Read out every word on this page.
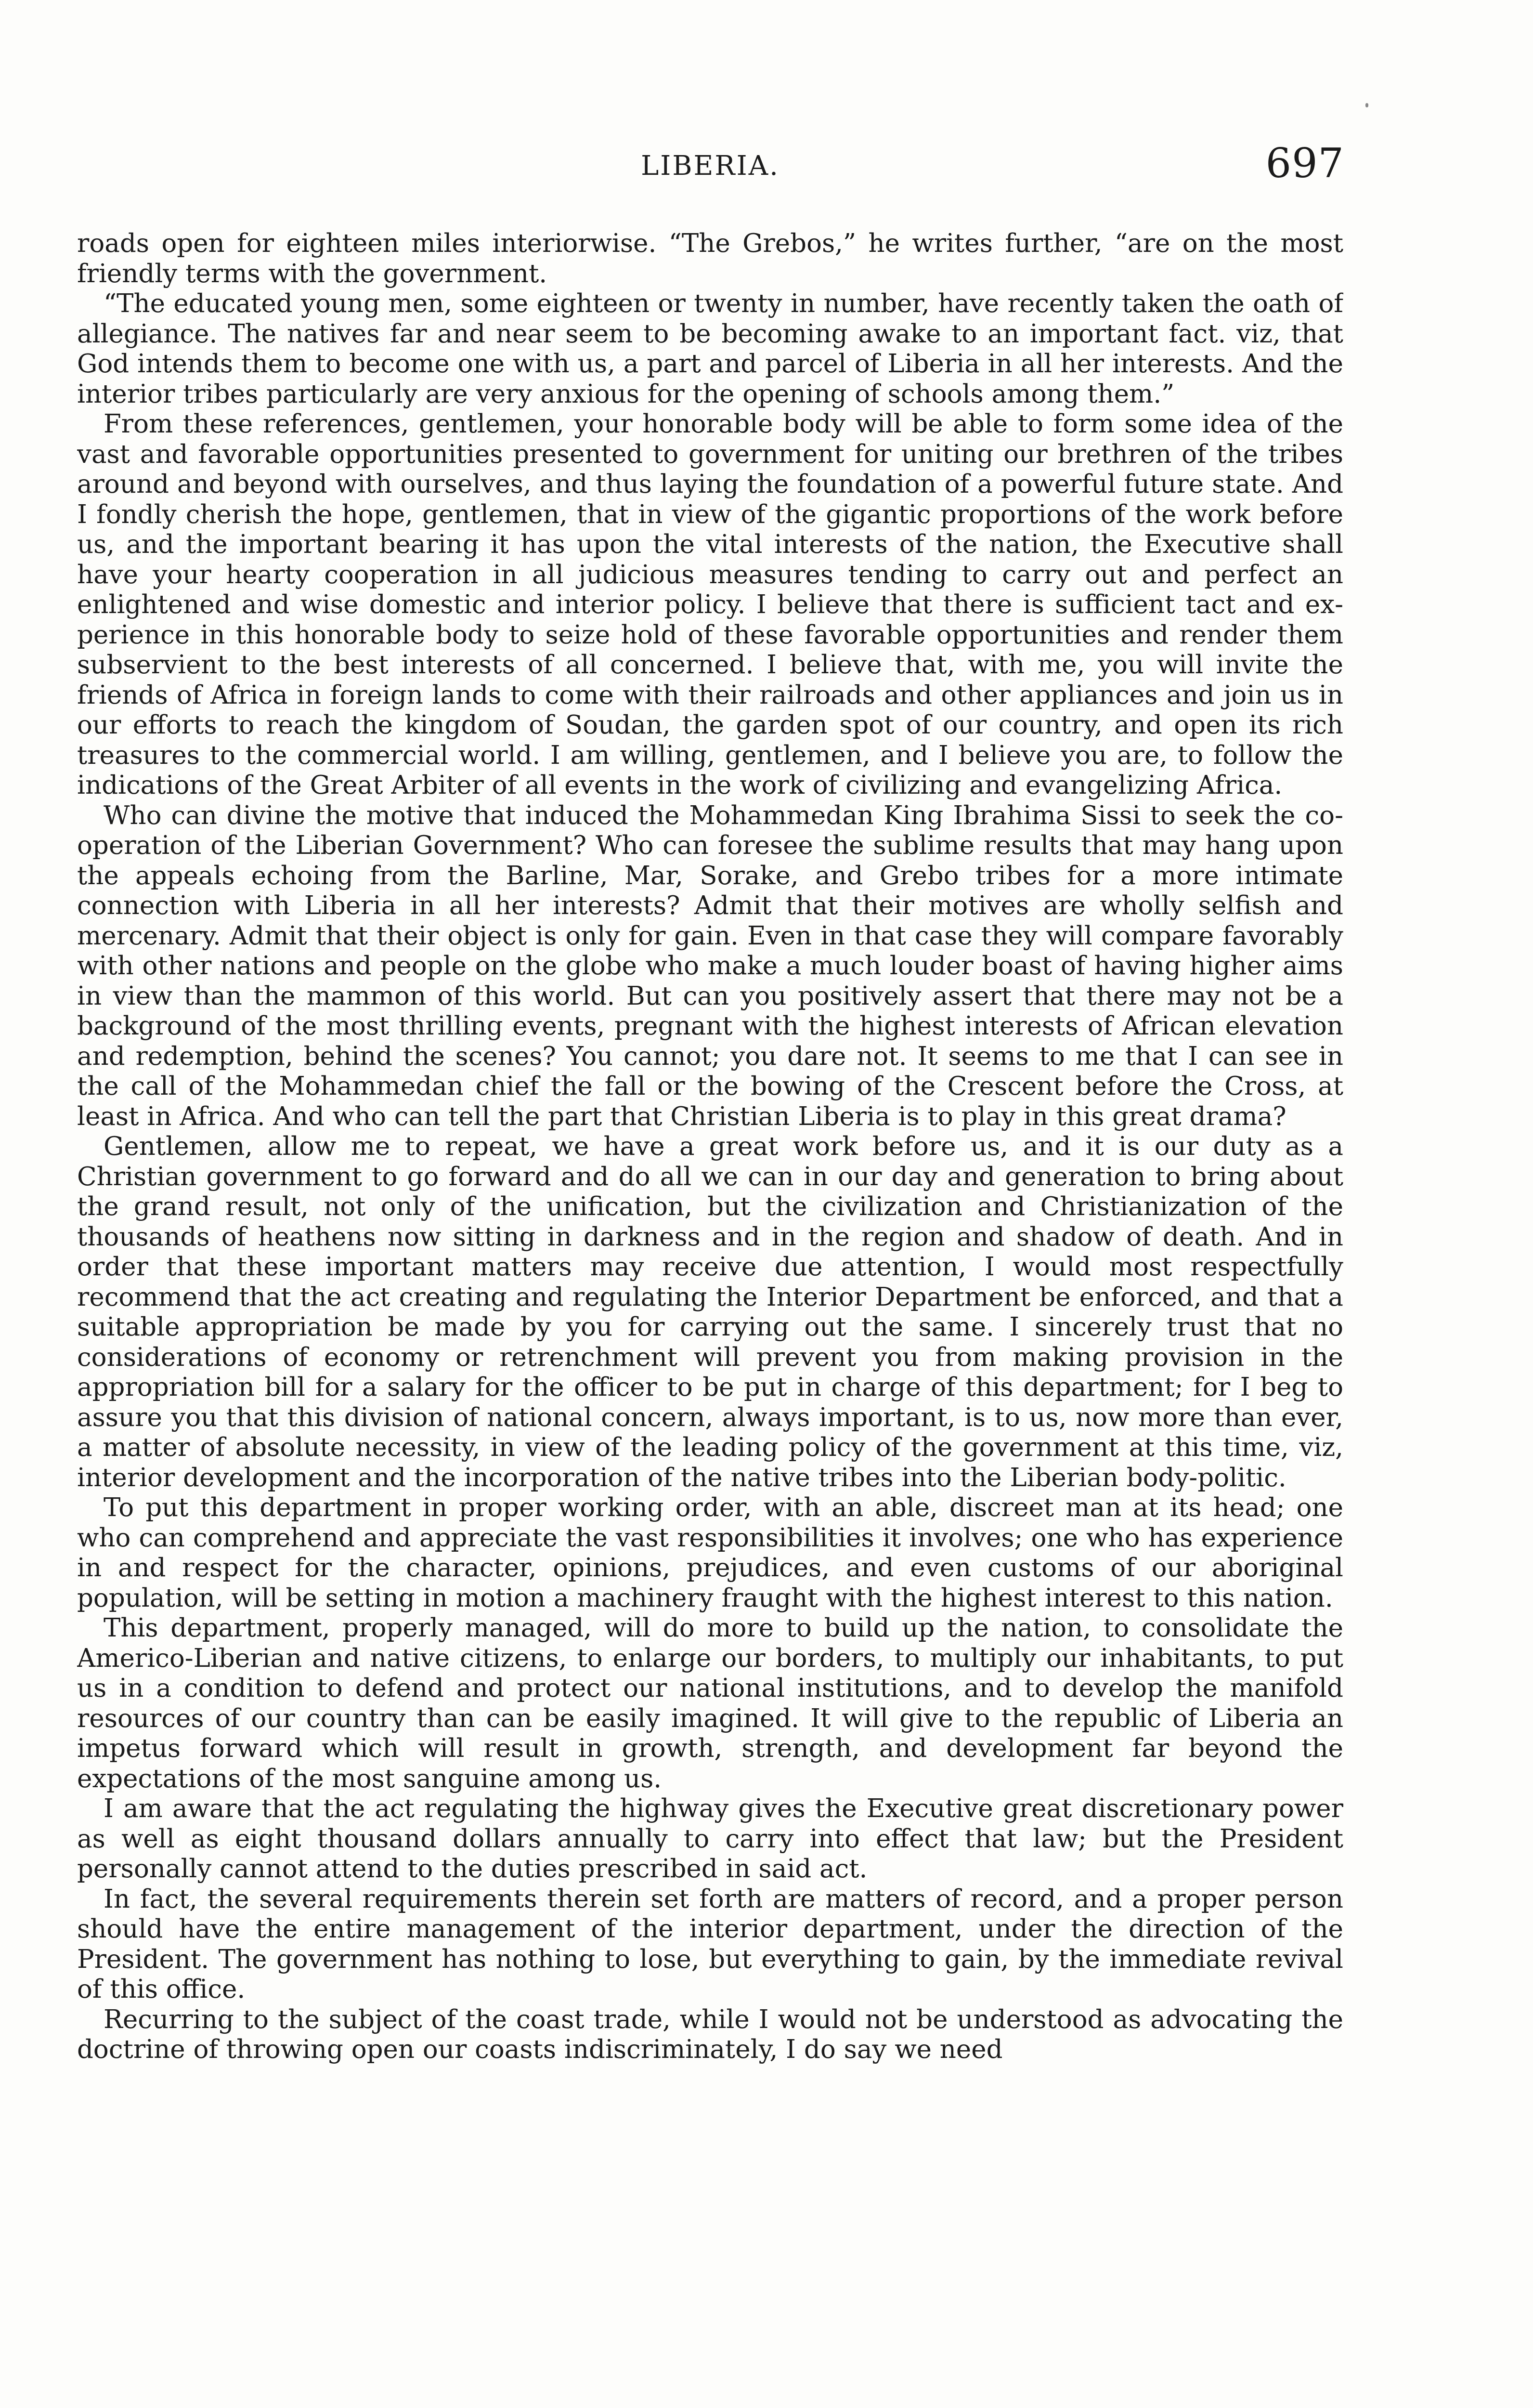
LIBERIA.	697

roads open for eighteen miles interiorwise. “The Grebos,” he writes further, “are on the most friendly terms with the government.

“The educated young men, some eighteen or twenty in number, have recently taken the oath of allegiance. The natives far and near seem to be becoming awake to an important fact. viz, that God intends them to become one with us, a part and parcel of Liberia in all her interests. And the interior tribes particularly are very anxious for the opening of schools among them.”

From these references, gentlemen, your honorable body will be able to form some idea of the vast and favorable opportunities presented to government for uniting our brethren of the tribes around and beyond with ourselves, and thus laying the foundation of a powerful future state. And I fondly cherish the hope, gentlemen, that in view of the gigantic proportions of the work before us, and the important bearing it has upon the vital interests of the nation, the Executive shall have your hearty cooperation in all judicious measures tending to carry out and perfect an enlightened and wise domestic and interior policy. I believe that there is sufficient tact and experience in this honorable body to seize hold of these favorable opportunities and render them subservient to the best interests of all concerned. I believe that, with me, you will invite the friends of Africa in foreign lands to come with their railroads and other appliances and join us in our efforts to reach the kingdom of Soudan, the garden spot of our country, and open its rich treasures to the commercial world. I am willing, gentlemen, and I believe you are, to follow the indications of the Great Arbiter of all events in the work of civilizing and evangelizing Africa.

Who can divine the motive that induced the Mohammedan King Ibrahima Sissi to seek the co-operation of the Liberian Government? Who can foresee the sublime results that may hang upon the appeals echoing from the Barline, Mar, Sorake, and Grebo tribes for a more intimate connection with Liberia in all her interests? Admit that their motives are wholly selfish and mercenary. Admit that their object is only for gain. Even in that case they will compare favorably with other nations and people on the globe who make a much louder boast of having higher aims in view than the mammon of this world. But can you positively assert that there may not be a background of the most thrilling events, pregnant with the highest interests of African elevation and redemption, behind the scenes? You cannot; you dare not. It seems to me that I can see in the call of the Mohammedan chief the fall or the bowing of the Crescent before the Cross, at least in Africa. And who can tell the part that Christian Liberia is to play in this great drama?

Gentlemen, allow me to repeat, we have a great work before us, and it is our duty as a Christian government to go forward and do all we can in our day and generation to bring about the grand result, not only of the unification, but the civilization and Christianization of the thousands of heathens now sitting in darkness and in the region and shadow of death. And in order that these important matters may receive due attention, I would most respectfully recommend that the act creating and regulating the Interior Department be enforced, and that a suitable appropriation be made by you for carrying out the same. I sincerely trust that no considerations of economy or retrenchment will prevent you from making provision in the appropriation bill for a salary for the officer to be put in charge of this department; for I beg to assure you that this division of national concern, always important, is to us, now more than ever, a matter of absolute necessity, in view of the leading policy of the government at this time, viz, interior development and the incorporation of the native tribes into the Liberian body-politic.

To put this department in proper working order, with an able, discreet man at its head; one who can comprehend and appreciate the vast responsibilities it involves; one who has experience in and respect for the character, opinions, prejudices, and even customs of our aboriginal population, will be setting in motion a machinery fraught with the highest interest to this nation.

This department, properly managed, will do more to build up the nation, to consolidate the Americo-Liberian and native citizens, to enlarge our borders, to multiply our inhabitants, to put us in a condition to defend and protect our national institutions, and to develop the manifold resources of our country than can be easily imagined. It will give to the republic of Liberia an impetus forward which will result in growth, strength, and development far beyond the expectations of the most sanguine among us.

I am aware that the act regulating the highway gives the Executive great discretionary power as well as eight thousand dollars annually to carry into effect that law; but the President personally cannot attend to the duties prescribed in said act.

In fact, the several requirements therein set forth are matters of record, and a proper person should have the entire management of the interior department, under the direction of the President. The government has nothing to lose, but everything to gain, by the immediate revival of this office.

Recurring to the subject of the coast trade, while I would not be understood as advocating the doctrine of throwing open our coasts indiscriminately, I do say we need
